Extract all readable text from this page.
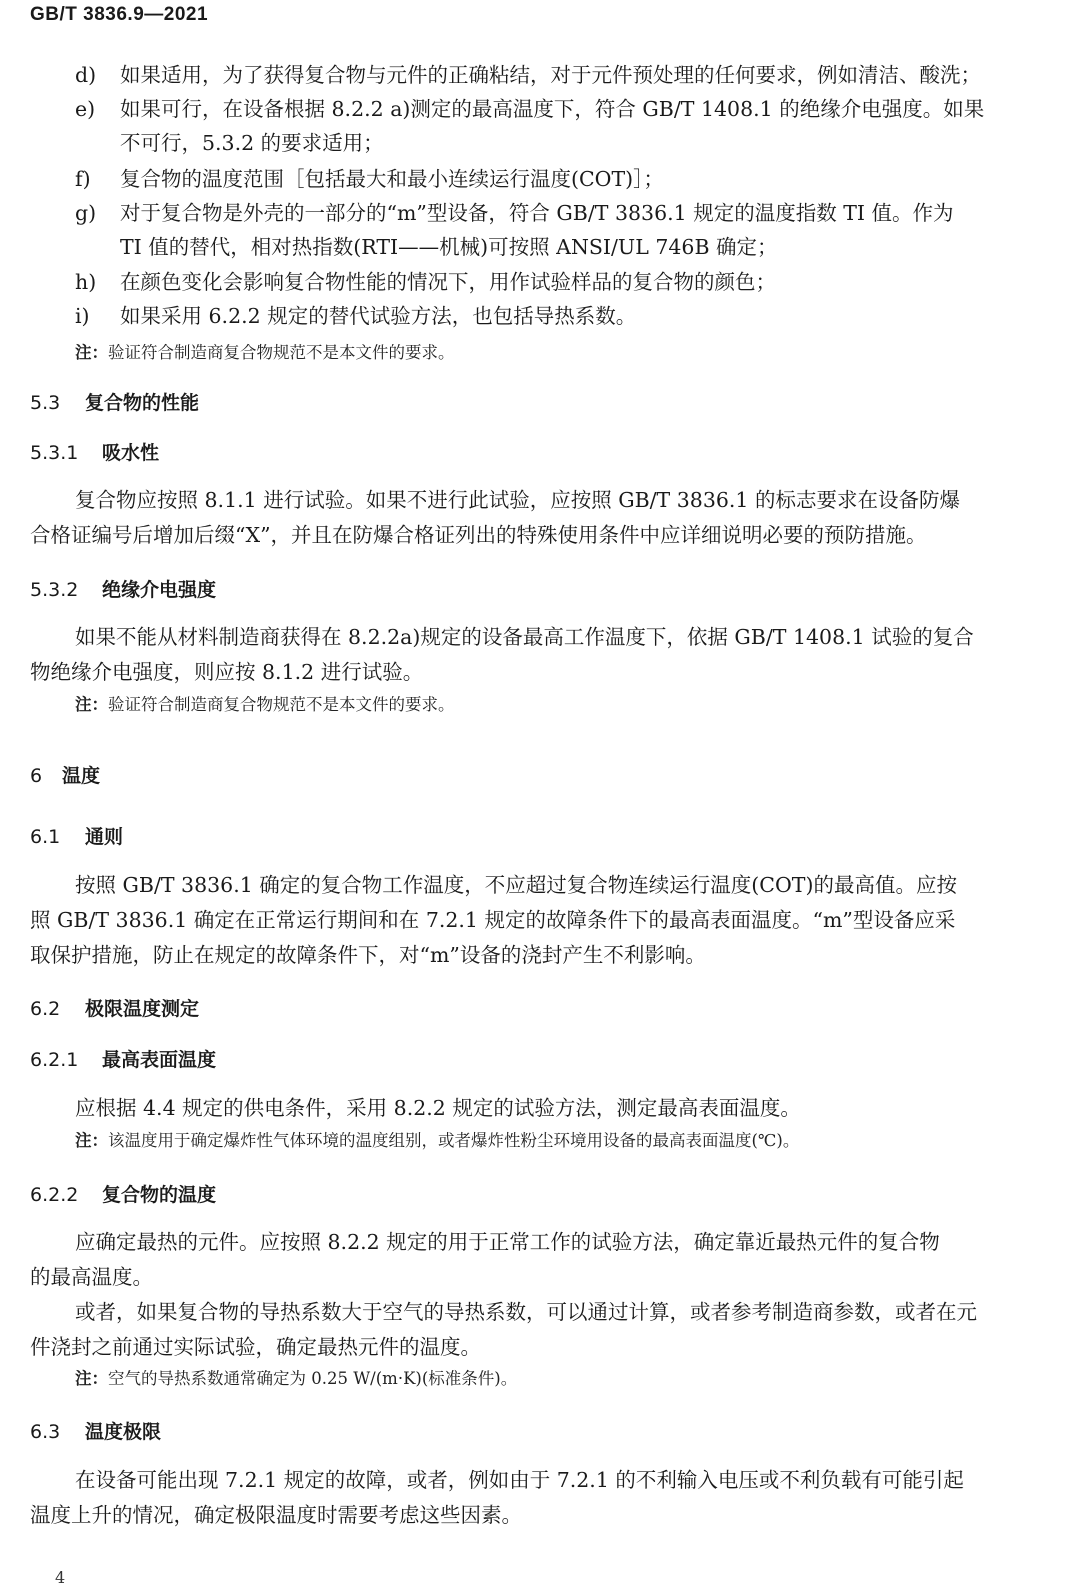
GB/T 3836.9—2021
d) 如果适用，为了获得复合物与元件的正确粘结，对于元件预处理的任何要求，例如清洁、酸洗；
e) 如果可行，在设备根据 8.2.2 a)测定的最高温度下，符合 GB/T 1408.1 的绝缘介电强度。如果
不可行，5.3.2 的要求适用；
f) 复合物的温度范围［包括最大和最小连续运行温度(COT)］；
g) 对于复合物是外壳的一部分的“m”型设备，符合 GB/T 3836.1 规定的温度指数 TI 值。作为
TI 值的替代，相对热指数(RTI——机械)可按照 ANSI/UL 746B 确定；
h) 在颜色变化会影响复合物性能的情况下，用作试验样品的复合物的颜色；
i) 如果采用 6.2.2 规定的替代试验方法，也包括导热系数。
注：验证符合制造商复合物规范不是本文件的要求。
5.3 复合物的性能
5.3.1 吸水性
复合物应按照 8.1.1 进行试验。如果不进行此试验，应按照 GB/T 3836.1 的标志要求在设备防爆
合格证编号后增加后缀“X”，并且在防爆合格证列出的特殊使用条件中应详细说明必要的预防措施。
5.3.2 绝缘介电强度
如果不能从材料制造商获得在 8.2.2a)规定的设备最高工作温度下，依据 GB/T 1408.1 试验的复合
物绝缘介电强度，则应按 8.1.2 进行试验。
注：验证符合制造商复合物规范不是本文件的要求。
6 温度
6.1 通则
按照 GB/T 3836.1 确定的复合物工作温度，不应超过复合物连续运行温度(COT)的最高值。应按
照 GB/T 3836.1 确定在正常运行期间和在 7.2.1 规定的故障条件下的最高表面温度。“m”型设备应采
取保护措施，防止在规定的故障条件下，对“m”设备的浇封产生不利影响。
6.2 极限温度测定
6.2.1 最高表面温度
应根据 4.4 规定的供电条件，采用 8.2.2 规定的试验方法，测定最高表面温度。
注：该温度用于确定爆炸性气体环境的温度组别，或者爆炸性粉尘环境用设备的最高表面温度(℃)。
6.2.2 复合物的温度
应确定最热的元件。应按照 8.2.2 规定的用于正常工作的试验方法，确定靠近最热元件的复合物
的最高温度。
或者，如果复合物的导热系数大于空气的导热系数，可以通过计算，或者参考制造商参数，或者在元
件浇封之前通过实际试验，确定最热元件的温度。
注：空气的导热系数通常确定为 0.25 W/(m·K)(标准条件)。
6.3 温度极限
在设备可能出现 7.2.1 规定的故障，或者，例如由于 7.2.1 的不利输入电压或不利负载有可能引起
温度上升的情况，确定极限温度时需要考虑这些因素。
4
